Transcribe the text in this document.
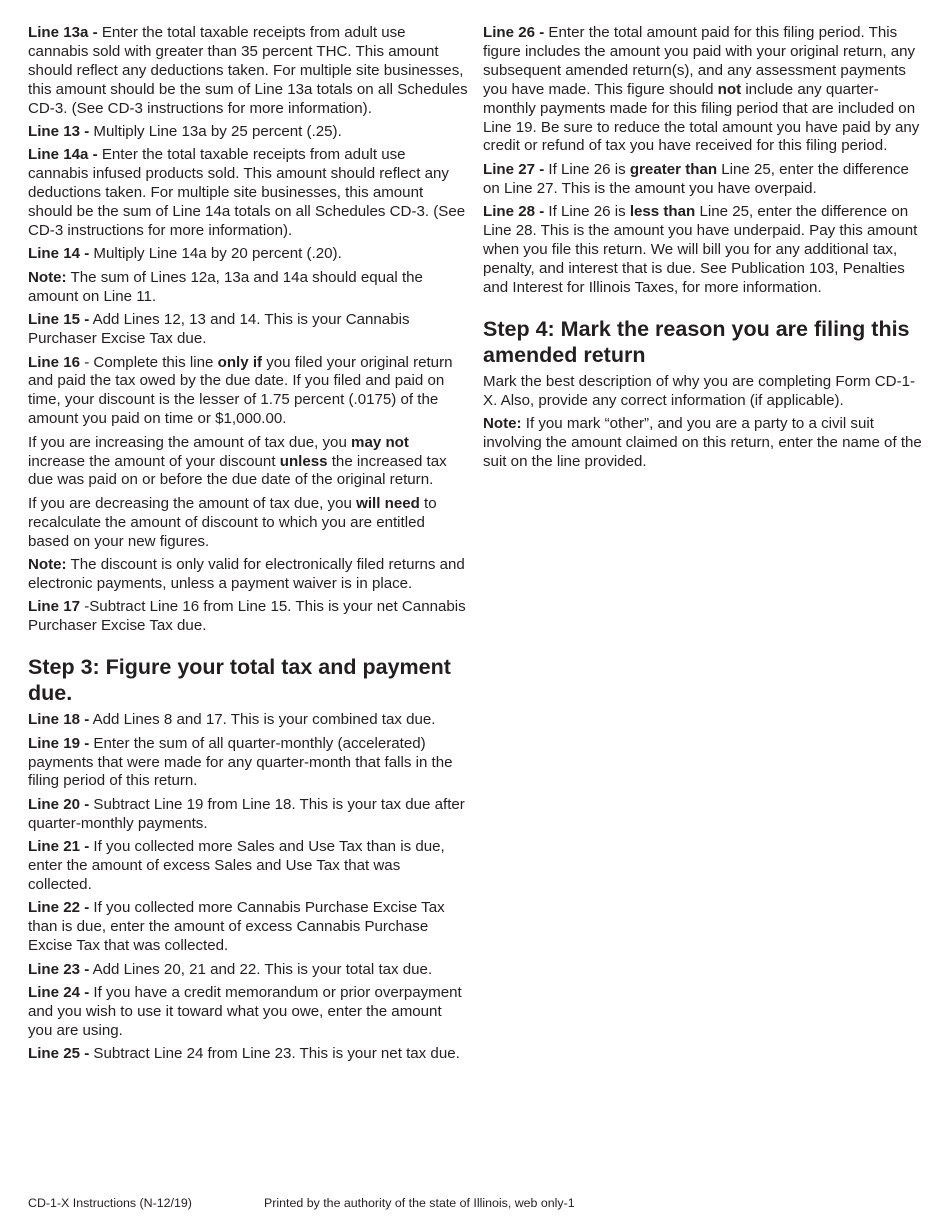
Line 13a - Enter the total taxable receipts from adult use cannabis sold with greater than 35 percent THC. This amount should reflect any deductions taken. For multiple site businesses, this amount should be the sum of Line 13a totals on all Schedules CD-3. (See CD-3 instructions for more information).

Line 13 - Multiply Line 13a by 25 percent (.25).

Line 14a - Enter the total taxable receipts from adult use cannabis infused products sold. This amount should reflect any deductions taken. For multiple site businesses, this amount should be the sum of Line 14a totals on all Schedules CD-3. (See CD-3 instructions for more information).

Line 14 - Multiply Line 14a by 20 percent (.20).

Note: The sum of Lines 12a, 13a and 14a should equal the amount on Line 11.

Line 15 - Add Lines 12, 13 and 14. This is your Cannabis Purchaser Excise Tax due.

Line 16 - Complete this line only if you filed your original return and paid the tax owed by the due date. If you filed and paid on time, your discount is the lesser of 1.75 percent (.0175) of the amount you paid on time or $1,000.00.

If you are increasing the amount of tax due, you may not increase the amount of your discount unless the increased tax due was paid on or before the due date of the original return.

If you are decreasing the amount of tax due, you will need to recalculate the amount of discount to which you are entitled based on your new figures.

Note: The discount is only valid for electronically filed returns and electronic payments, unless a payment waiver is in place.

Line 17 -Subtract Line 16 from Line 15. This is your net Cannabis Purchaser Excise Tax due.

Step 3: Figure your total tax and payment due.

Line 18 - Add Lines 8 and 17. This is your combined tax due.

Line 19 - Enter the sum of all quarter-monthly (accelerated) payments that were made for any quarter-month that falls in the filing period of this return.

Line 20 - Subtract Line 19 from Line 18. This is your tax due after quarter-monthly payments.

Line 21 - If you collected more Sales and Use Tax than is due, enter the amount of excess Sales and Use Tax that was collected.

Line 22 - If you collected more Cannabis Purchase Excise Tax than is due, enter the amount of excess Cannabis Purchase Excise Tax that was collected.

Line 23 - Add Lines 20, 21 and 22. This is your total tax due.

Line 24 - If you have a credit memorandum or prior overpayment and you wish to use it toward what you owe, enter the amount you are using.

Line 25 - Subtract Line 24 from Line 23. This is your net tax due.

Line 26 - Enter the total amount paid for this filing period. This figure includes the amount you paid with your original return, any subsequent amended return(s), and any assessment payments you have made. This figure should not include any quarter-monthly payments made for this filing period that are included on Line 19. Be sure to reduce the total amount you have paid by any credit or refund of tax you have received for this filing period.

Line 27 - If Line 26 is greater than Line 25, enter the difference on Line 27. This is the amount you have overpaid.

Line 28 - If Line 26 is less than Line 25, enter the difference on Line 28. This is the amount you have underpaid. Pay this amount when you file this return. We will bill you for any additional tax, penalty, and interest that is due. See Publication 103, Penalties and Interest for Illinois Taxes, for more information.

Step 4: Mark the reason you are filing this amended return

Mark the best description of why you are completing Form CD-1-X. Also, provide any correct information (if applicable).

Note: If you mark “other”, and you are a party to a civil suit involving the amount claimed on this return, enter the name of the suit on the line provided.

CD-1-X Instructions (N-12/19)	Printed by the authority of the state of Illinois, web only-1
